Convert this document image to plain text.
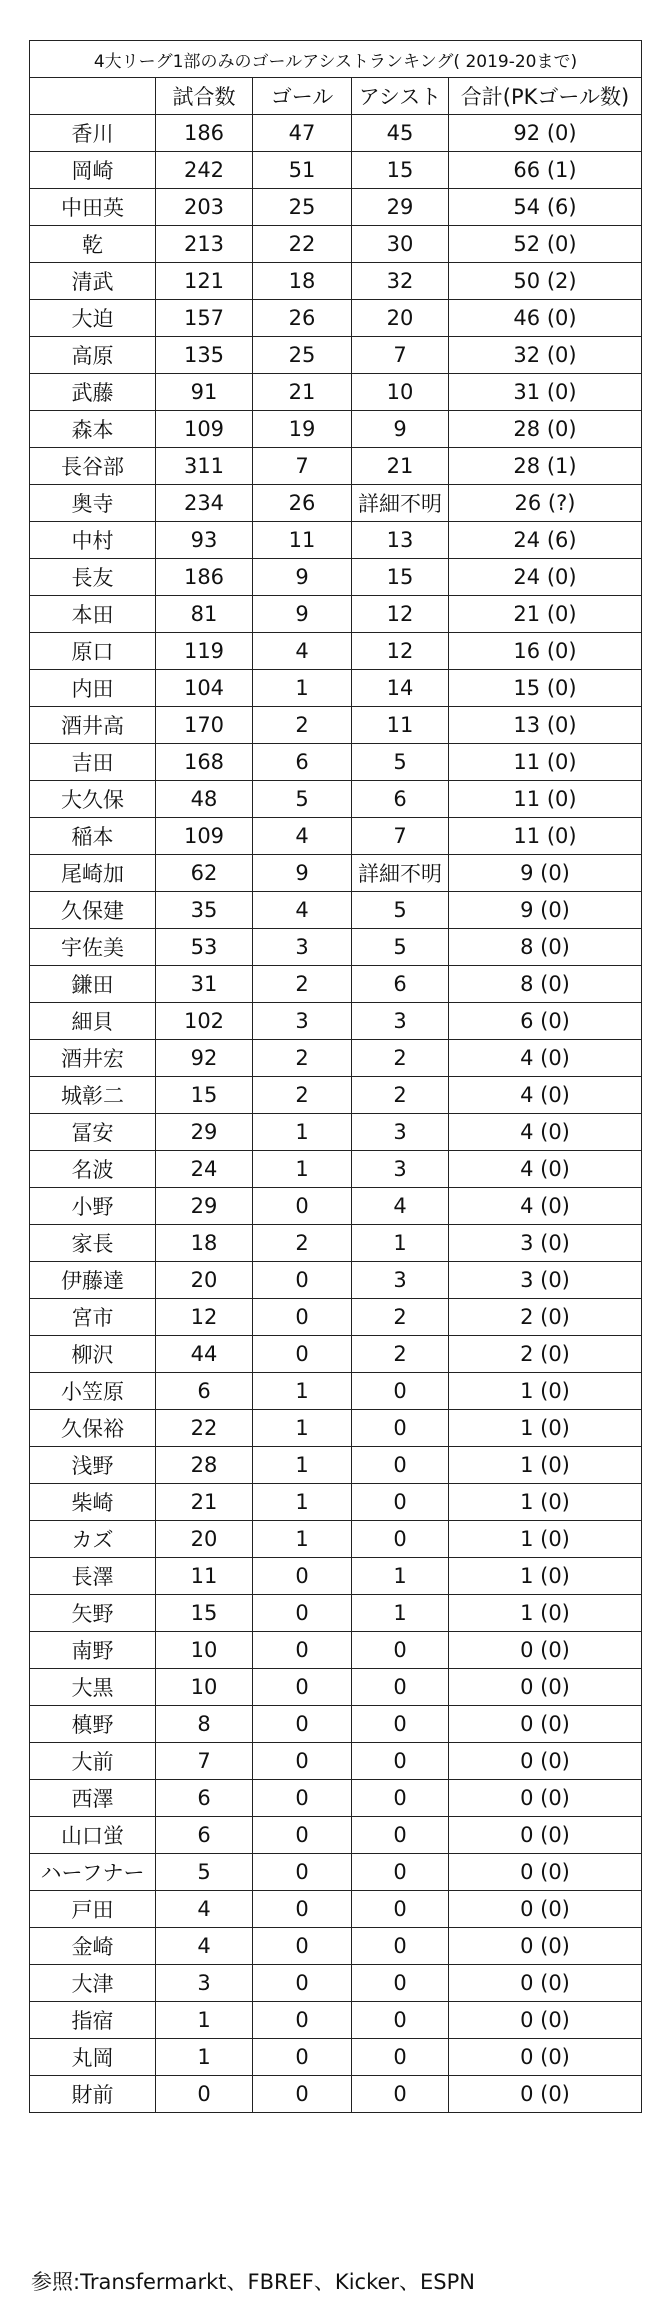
4大リーグ1部のみのゴールアシストランキング( 2019-20まで)				
	試合数	ゴール	アシスト	合計(PKゴール数)
香川	186	47	45	92 (0)
岡崎	242	51	15	66 (1)
中田英	203	25	29	54 (6)
乾	213	22	30	52 (0)
清武	121	18	32	50 (2)
大迫	157	26	20	46 (0)
高原	135	25	7	32 (0)
武藤	91	21	10	31 (0)
森本	109	19	9	28 (0)
長谷部	311	7	21	28 (1)
奥寺	234	26	詳細不明	26 (?)
中村	93	11	13	24 (6)
長友	186	9	15	24 (0)
本田	81	9	12	21 (0)
原口	119	4	12	16 (0)
内田	104	1	14	15 (0)
酒井高	170	2	11	13 (0)
吉田	168	6	5	11 (0)
大久保	48	5	6	11 (0)
稲本	109	4	7	11 (0)
尾崎加	62	9	詳細不明	9 (0)
久保建	35	4	5	9 (0)
宇佐美	53	3	5	8 (0)
鎌田	31	2	6	8 (0)
細貝	102	3	3	6 (0)
酒井宏	92	2	2	4 (0)
城彰二	15	2	2	4 (0)
冨安	29	1	3	4 (0)
名波	24	1	3	4 (0)
小野	29	0	4	4 (0)
家長	18	2	1	3 (0)
伊藤達	20	0	3	3 (0)
宮市	12	0	2	2 (0)
柳沢	44	0	2	2 (0)
小笠原	6	1	0	1 (0)
久保裕	22	1	0	1 (0)
浅野	28	1	0	1 (0)
柴崎	21	1	0	1 (0)
カズ	20	1	0	1 (0)
長澤	11	0	1	1 (0)
矢野	15	0	1	1 (0)
南野	10	0	0	0 (0)
大黒	10	0	0	0 (0)
槙野	8	0	0	0 (0)
大前	7	0	0	0 (0)
西澤	6	0	0	0 (0)
山口蛍	6	0	0	0 (0)
ハーフナー	5	0	0	0 (0)
戸田	4	0	0	0 (0)
金崎	4	0	0	0 (0)
大津	3	0	0	0 (0)
指宿	1	0	0	0 (0)
丸岡	1	0	0	0 (0)
財前	0	0	0	0 (0)
参照:Transfermarkt、FBREF、Kicker、ESPN
